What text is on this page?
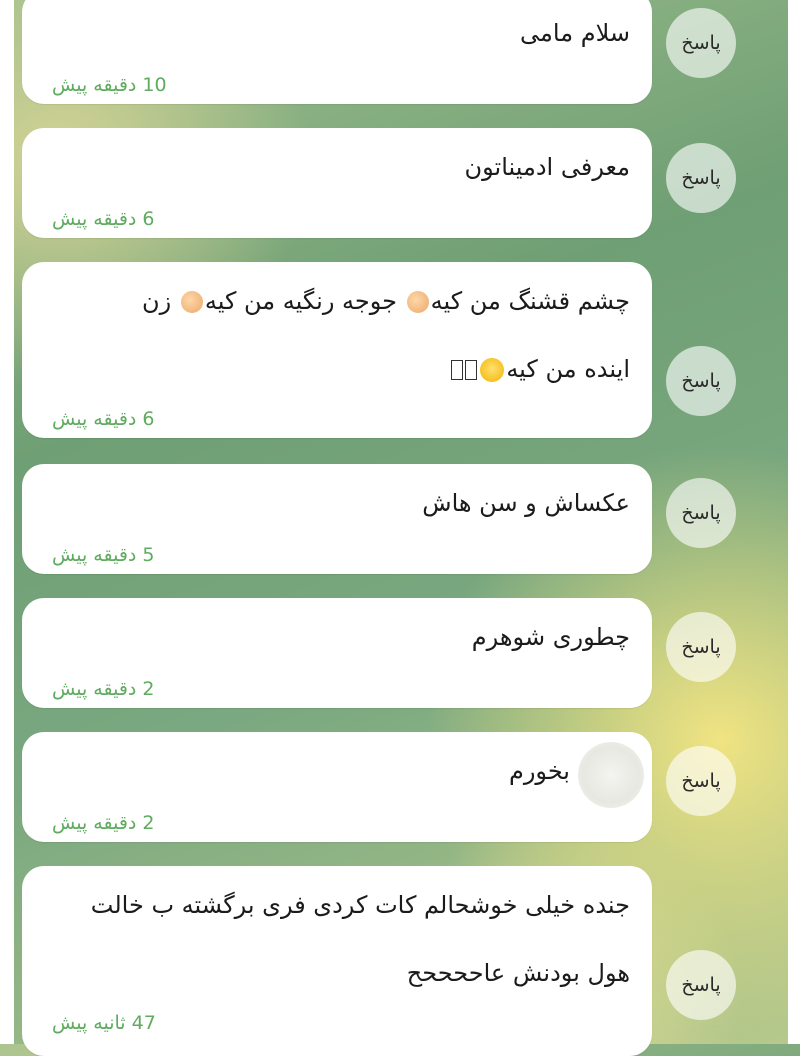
سلام مامی
10 دقیقه پیش
پاسخ
معرفی ادمیناتون
6 دقیقه پیش
پاسخ
چشم قشنگ من کیه جوجه رنگیه من کیه زن
اینده من کیه
6 دقیقه پیش
پاسخ
عکساش و سن هاش
5 دقیقه پیش
پاسخ
چطوری شوهرم
2 دقیقه پیش
پاسخ
بخورم
2 دقیقه پیش
پاسخ
جنده خیلی خوشحالم کات کردی فری برگشته ب خالت
هول بودنش عاححححح
47 ثانیه پیش
پاسخ
